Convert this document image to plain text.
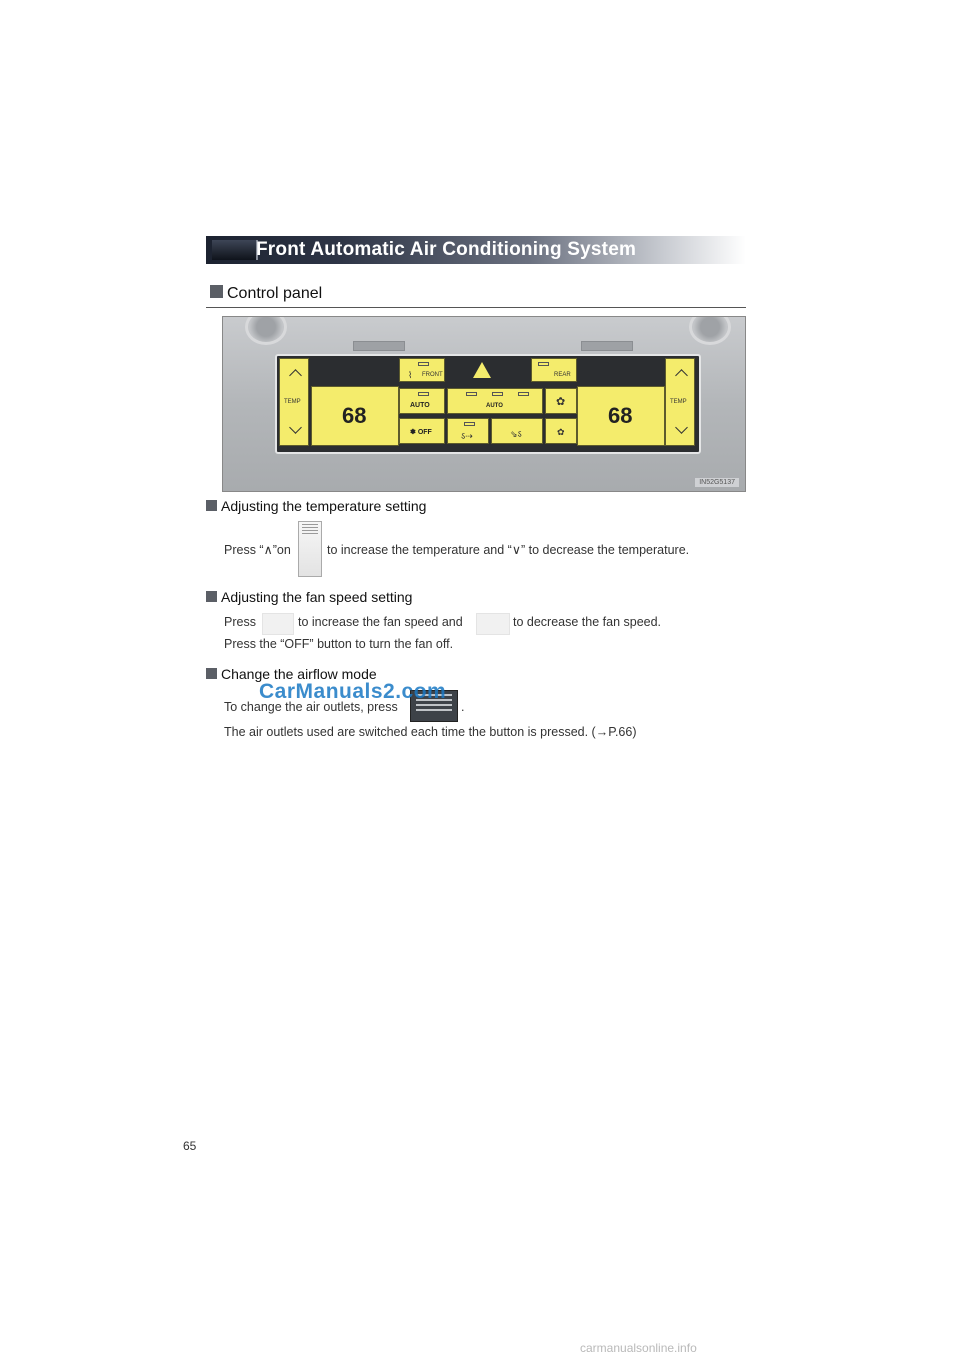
Front Automatic Air Conditioning System
Control panel
TEMP
68
FRONT
⌇	REAR
AUTO	AUTO	✿
✽ OFF	ऽ⇢	⇘ऽ	✿
68
TEMP
IN52G5137
Adjusting the temperature setting
Press “∧”on	to increase the temperature and “∨” to decrease the temperature.
Adjusting the fan speed setting
Press	to increase the fan speed and	to decrease the fan speed.
Press the “OFF” button to turn the fan off.
Change the airflow mode
To change the air outlets, press	.
The air outlets used are switched each time the button is pressed. (→P.66)
CarManuals2.com
65
carmanualsonline.info
